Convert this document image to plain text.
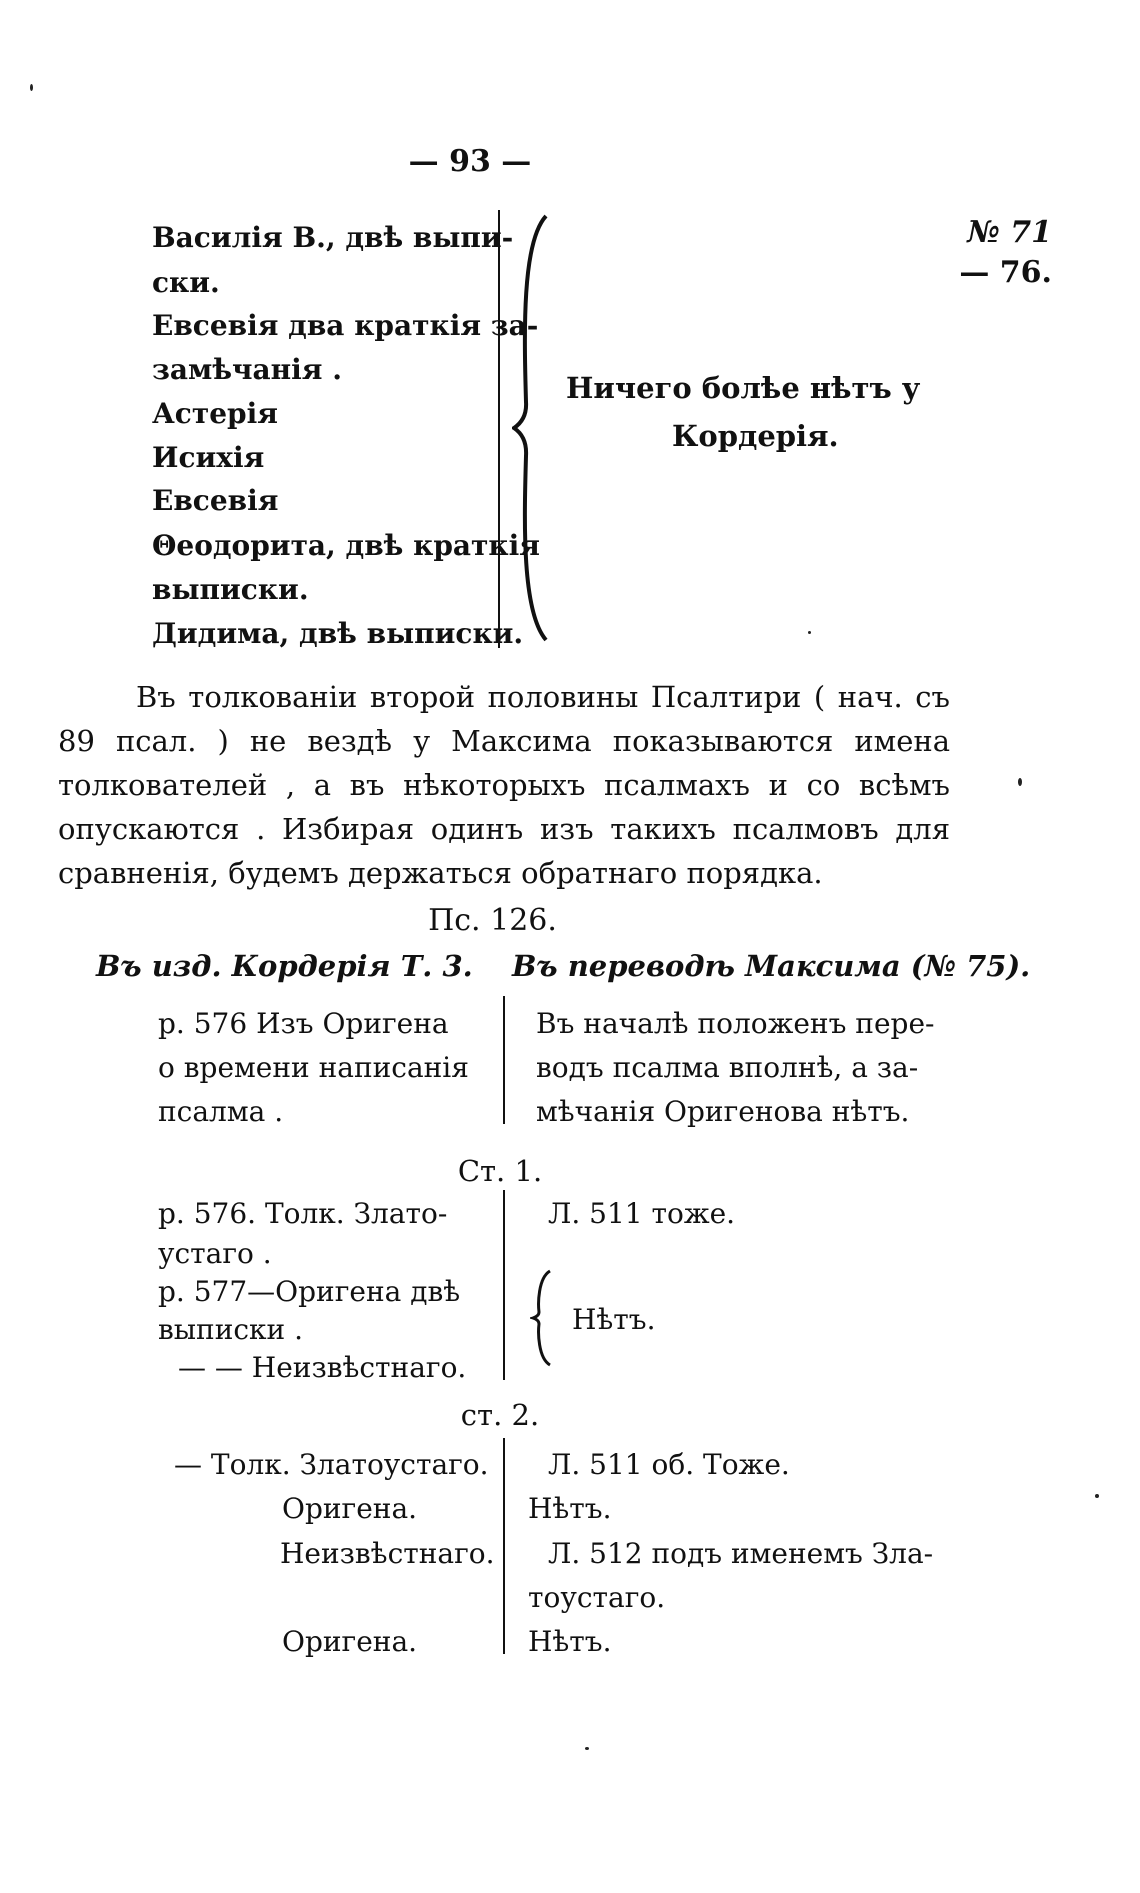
— 93 —
№ 71
— 76.
Василія В., двѣ выпи-
ски.
Евсевія два краткія за-
замѣчанія .
Астерія
Исихія
Евсевія
Θеодорита, двѣ краткія
выписки.
Дидима, двѣ выписки.
Ничего болѣе нѣтъ у
Кордерія.
Въ толкованіи второй половины Псалтири ( нач. съ
89 псал. ) не вездѣ у Максима показываются имена
толкователей , а въ нѣкоторыхъ псалмахъ и со всѣмъ
опускаются . Избирая одинъ изъ такихъ псалмовъ для
сравненія, будемъ держаться обратнаго порядка.
Пс. 126.
Въ изд. Кордерія Т. 3. Въ переводѣ Максима (№ 75).
р. 576 Изъ Оригена
о времени написанія
псалма .
Въ началѣ положенъ пере-
водъ псалма вполнѣ, а за-
мѣчанія Оригенова нѣтъ.
Ст. 1.
р. 576. Толк. Злато-
устаго .
р. 577—Оригена двѣ
выписки .
— — Неизвѣстнаго.
Л. 511 тоже.
Нѣтъ.
ст. 2.
— Толк. Златоустаго.
Оригена.
Неизвѣстнаго.
Оригена.
Л. 511 об. Тоже.
Нѣтъ.
Л. 512 подъ именемъ Зла-
тоустаго.
Нѣтъ.
